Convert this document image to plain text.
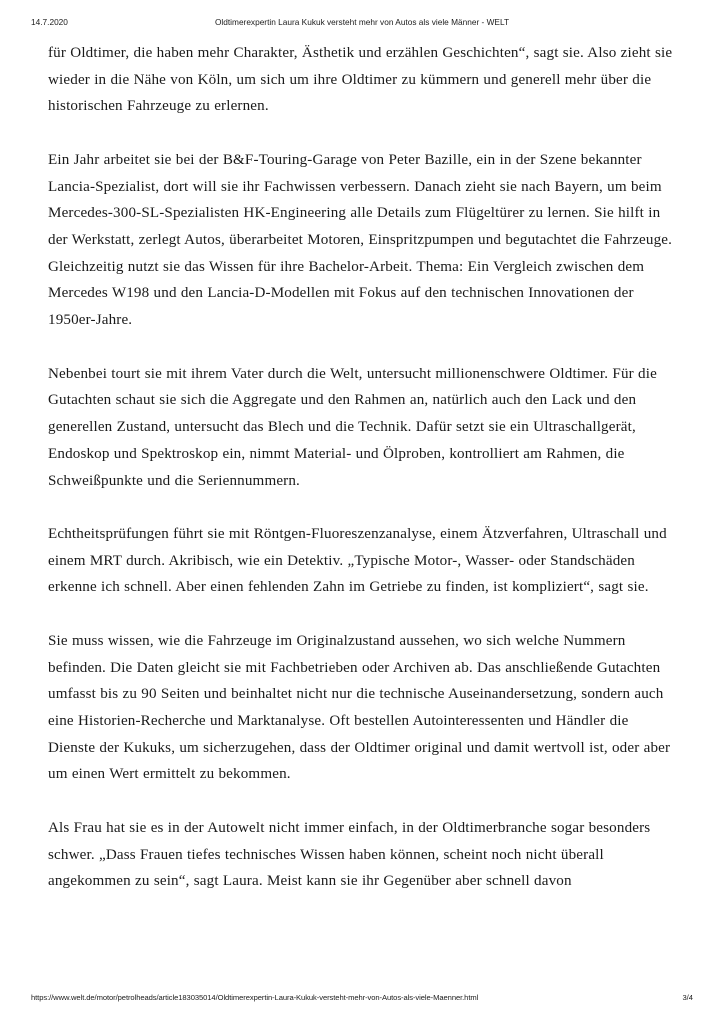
14.7.2020	Oldtimerexpertin Laura Kukuk versteht mehr von Autos als viele Männer - WELT

für Oldtimer, die haben mehr Charakter, Ästhetik und erzählen Geschichten“, sagt sie. Also zieht sie wieder in die Nähe von Köln, um sich um ihre Oldtimer zu kümmern und generell mehr über die historischen Fahrzeuge zu erlernen.

Ein Jahr arbeitet sie bei der B&F-Touring-Garage von Peter Bazille, ein in der Szene bekannter Lancia-Spezialist, dort will sie ihr Fachwissen verbessern. Danach zieht sie nach Bayern, um beim Mercedes-300-SL-Spezialisten HK-Engineering alle Details zum Flügeltürer zu lernen. Sie hilft in der Werkstatt, zerlegt Autos, überarbeitet Motoren, Einspritzpumpen und begutachtet die Fahrzeuge. Gleichzeitig nutzt sie das Wissen für ihre Bachelor-Arbeit. Thema: Ein Vergleich zwischen dem Mercedes W198 und den Lancia-D-Modellen mit Fokus auf den technischen Innovationen der 1950er-Jahre.

Nebenbei tourt sie mit ihrem Vater durch die Welt, untersucht millionenschwere Oldtimer. Für die Gutachten schaut sie sich die Aggregate und den Rahmen an, natürlich auch den Lack und den generellen Zustand, untersucht das Blech und die Technik. Dafür setzt sie ein Ultraschallgerät, Endoskop und Spektroskop ein, nimmt Material- und Ölproben, kontrolliert am Rahmen, die Schweißpunkte und die Seriennummern.

Echtheitsprüfungen führt sie mit Röntgen-Fluoreszenzanalyse, einem Ätzverfahren, Ultraschall und einem MRT durch. Akribisch, wie ein Detektiv. „Typische Motor-, Wasser- oder Standschäden erkenne ich schnell. Aber einen fehlenden Zahn im Getriebe zu finden, ist kompliziert“, sagt sie.

Sie muss wissen, wie die Fahrzeuge im Originalzustand aussehen, wo sich welche Nummern befinden. Die Daten gleicht sie mit Fachbetrieben oder Archiven ab. Das anschließende Gutachten umfasst bis zu 90 Seiten und beinhaltet nicht nur die technische Auseinandersetzung, sondern auch eine Historien-Recherche und Marktanalyse. Oft bestellen Autointeressenten und Händler die Dienste der Kukuks, um sicherzugehen, dass der Oldtimer original und damit wertvoll ist, oder aber um einen Wert ermittelt zu bekommen.

Als Frau hat sie es in der Autowelt nicht immer einfach, in der Oldtimerbranche sogar besonders schwer. „Dass Frauen tiefes technisches Wissen haben können, scheint noch nicht überall angekommen zu sein“, sagt Laura. Meist kann sie ihr Gegenüber aber schnell davon

https://www.welt.de/motor/petrolheads/article183035014/Oldtimerexpertin-Laura-Kukuk-versteht-mehr-von-Autos-als-viele-Maenner.html	3/4
